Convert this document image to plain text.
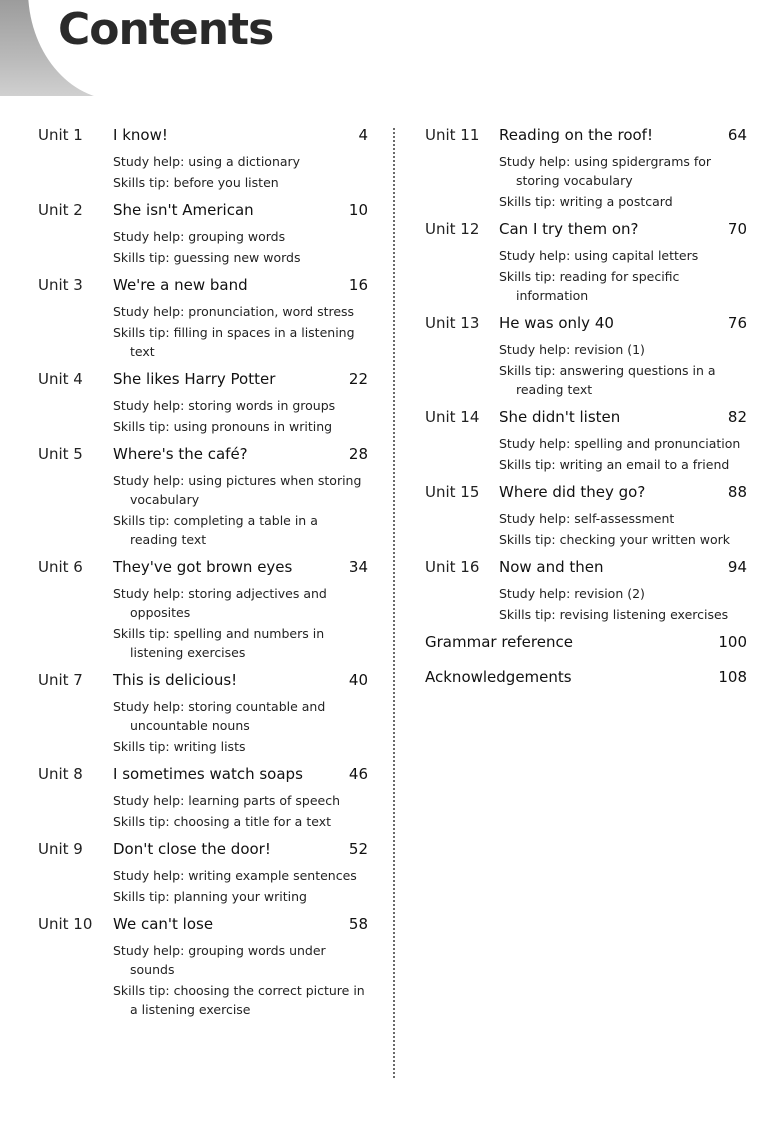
Contents
Unit 1	I know!	4
Study help: using a dictionary
Skills tip: before you listen
Unit 2	She isn't American	10
Study help: grouping words
Skills tip: guessing new words
Unit 3	We're a new band	16
Study help: pronunciation, word stress
Skills tip: filling in spaces in a listening text
Unit 4	She likes Harry Potter	22
Study help: storing words in groups
Skills tip: using pronouns in writing
Unit 5	Where's the café?	28
Study help: using pictures when storing vocabulary
Skills tip: completing a table in a reading text
Unit 6	They've got brown eyes	34
Study help: storing adjectives and opposites
Skills tip: spelling and numbers in listening exercises
Unit 7	This is delicious!	40
Study help: storing countable and uncountable nouns
Skills tip: writing lists
Unit 8	I sometimes watch soaps	46
Study help: learning parts of speech
Skills tip: choosing a title for a text
Unit 9	Don't close the door!	52
Study help: writing example sentences
Skills tip: planning your writing
Unit 10	We can't lose	58
Study help: grouping words under sounds
Skills tip: choosing the correct picture in a listening exercise
Unit 11	Reading on the roof!	64
Study help: using spidergrams for storing vocabulary
Skills tip: writing a postcard
Unit 12	Can I try them on?	70
Study help: using capital letters
Skills tip: reading for specific information
Unit 13	He was only 40	76
Study help: revision (1)
Skills tip: answering questions in a reading text
Unit 14	She didn't listen	82
Study help: spelling and pronunciation
Skills tip: writing an email to a friend
Unit 15	Where did they go?	88
Study help: self-assessment
Skills tip: checking your written work
Unit 16	Now and then	94
Study help: revision (2)
Skills tip: revising listening exercises
Grammar reference	100
Acknowledgements	108
